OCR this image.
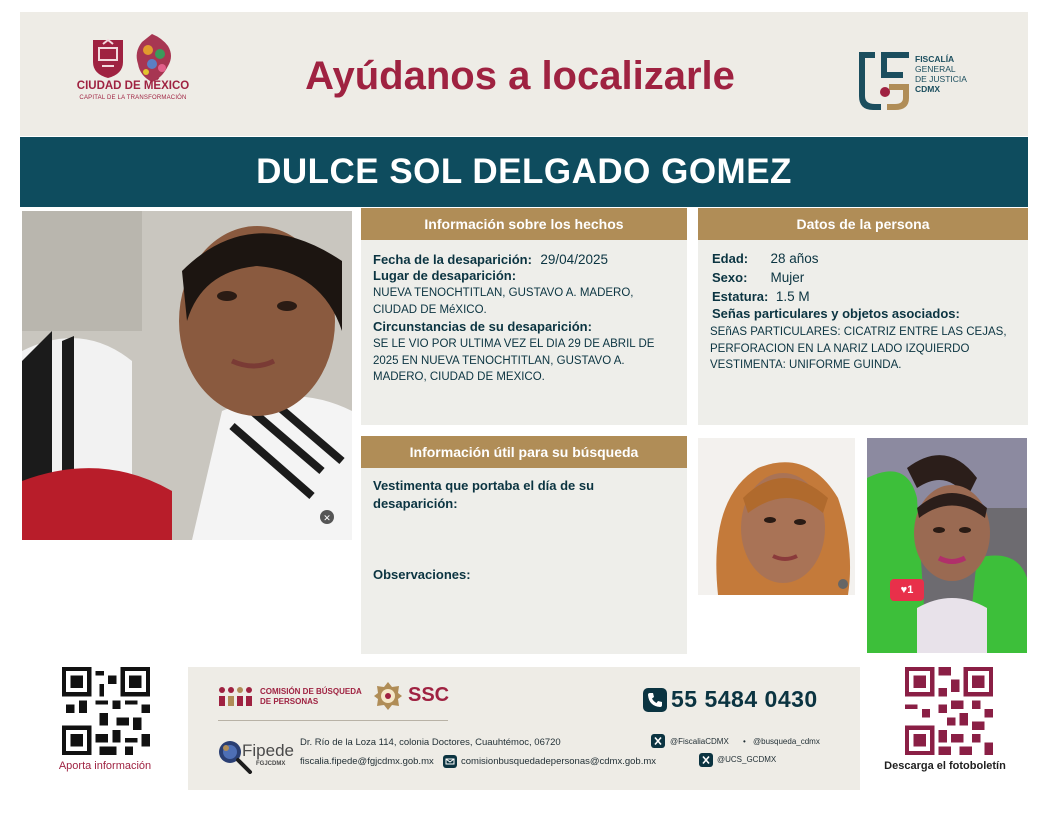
CIUDAD DE MÉXICO
CAPITAL DE LA TRANSFORMACIÓN	Ayúdanos a localizarle	FISCALÍA
GENERAL
DE JUSTICIA
CDMX
DULCE SOL DELGADO GOMEZ
✕
Información sobre los hechos
Fecha de la desaparición: 29/04/2025
Lugar de desaparición:
NUEVA TENOCHTITLAN, GUSTAVO A. MADERO, CIUDAD DE MéXICO.
Circunstancias de su desaparición:
SE LE VIO POR ULTIMA VEZ EL DIA 29 DE ABRIL DE 2025 EN NUEVA TENOCHTITLAN, GUSTAVO A. MADERO, CIUDAD DE MEXICO.
Datos de la persona
Edad: 28 años
Sexo: Mujer
Estatura: 1.5 M
Señas particulares y objetos asociados:
SEñAS PARTICULARES: CICATRIZ ENTRE LAS CEJAS, PERFORACION EN LA NARIZ LADO IZQUIERDO VESTIMENTA: UNIFORME GUINDA.
Información útil para su búsqueda
Vestimenta que portaba el día de su desaparición:
Observaciones:
♥1
Aporta información	Descarga el fotoboletín
COMISIÓN DE BÚSQUEDA DE PERSONAS	SSC	55 5484 0430
Fipede
FGJCDMX
Dr. Río de la Loza 114, colonia Doctores, Cuauhtémoc, 06720
fiscalia.fipede@fgjcdmx.gob.mx	comisionbusquedadepersonas@cdmx.gob.mx
@FiscaliaCDMX • @busqueda_cdmx
@UCS_GCDMX
